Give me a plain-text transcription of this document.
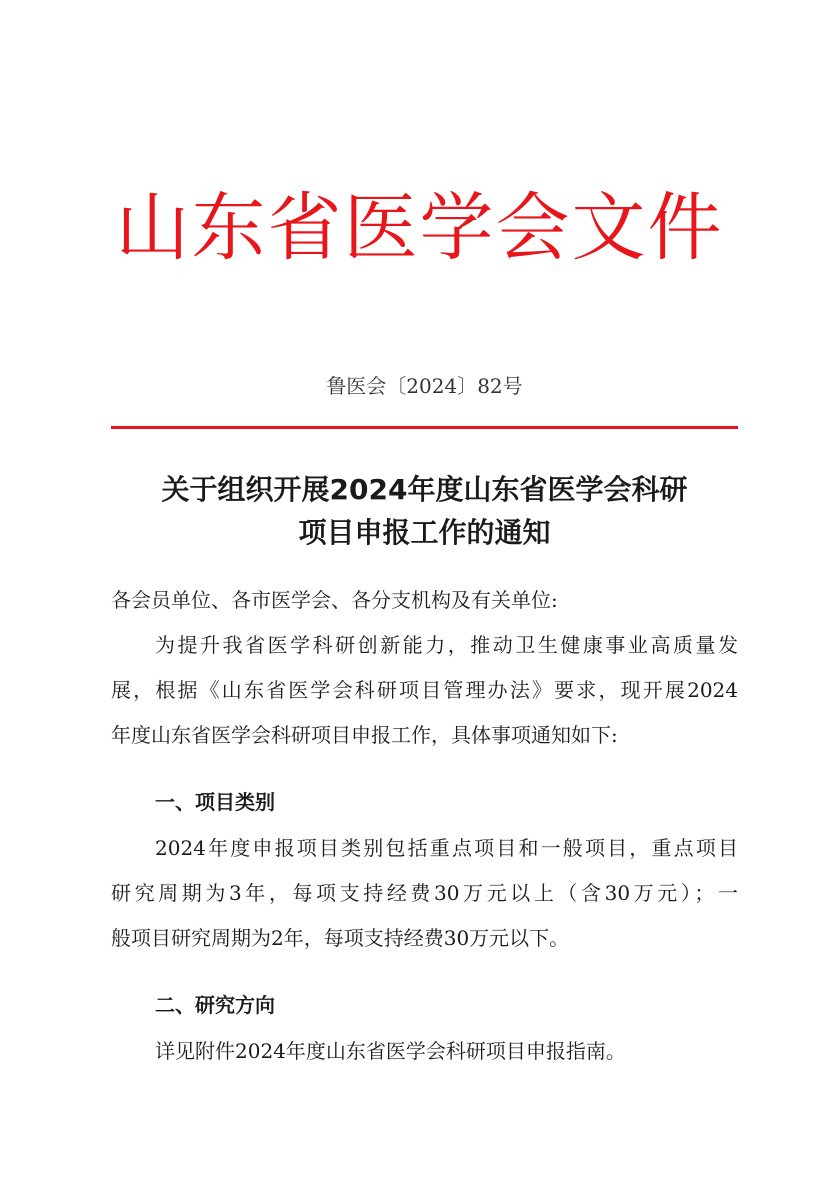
山东省医学会文件
鲁医会〔2024〕82号
关于组织开展2024年度山东省医学会科研
项目申报工作的通知
各会员单位、各市医学会、各分支机构及有关单位:
为提升我省医学科研创新能力，推动卫生健康事业高质量发
展，根据《山东省医学会科研项目管理办法》要求，现开展2024
年度山东省医学会科研项目申报工作，具体事项通知如下:
一、项目类别
2024年度申报项目类别包括重点项目和一般项目，重点项目
研究周期为3年，每项支持经费30万元以上（含30万元）；一
般项目研究周期为2年，每项支持经费30万元以下。
二、研究方向
详见附件2024年度山东省医学会科研项目申报指南。
